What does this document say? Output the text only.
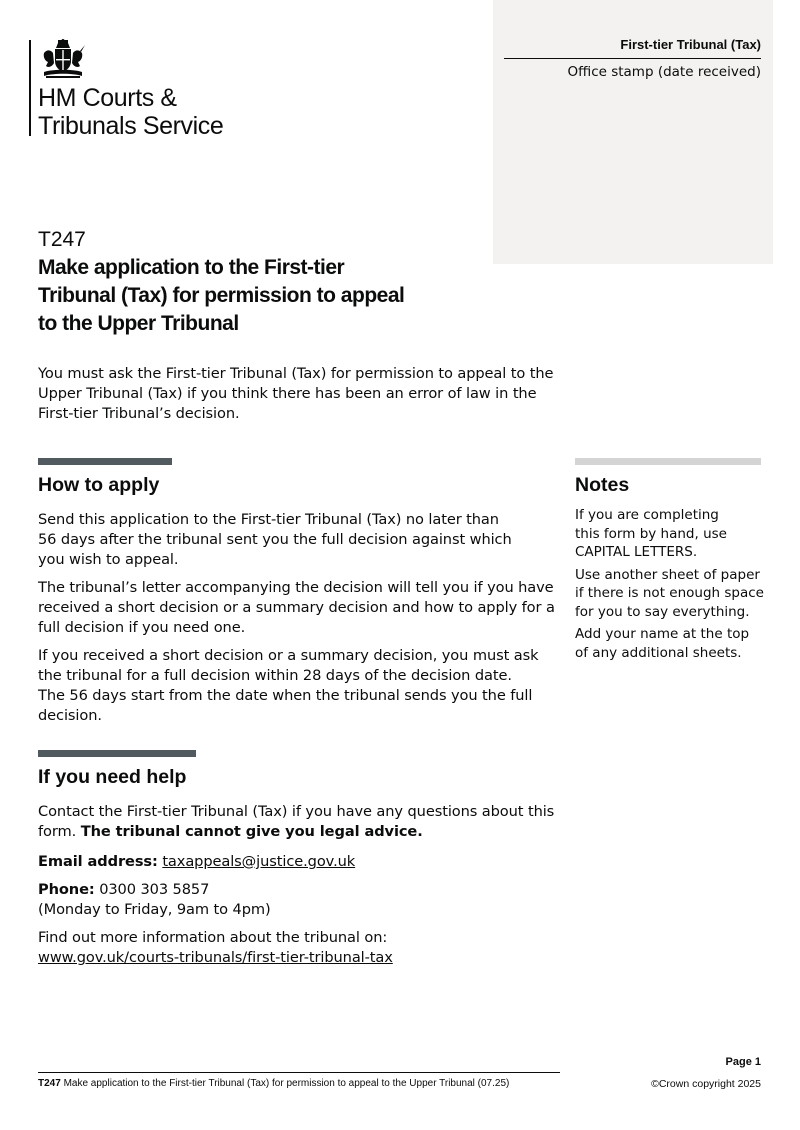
HM Courts &
Tribunals Service
First-tier Tribunal (Tax)
Office stamp (date received)
T247
Make application to the First-tier
Tribunal (Tax) for permission to appeal
to the Upper Tribunal
You must ask the First-tier Tribunal (Tax) for permission to appeal to the Upper Tribunal (Tax) if you think there has been an error of law in the First-tier Tribunal’s decision.
How to apply

Send this application to the First-tier Tribunal (Tax) no later than
56 days after the tribunal sent you the full decision against which
you wish to appeal.

The tribunal’s letter accompanying the decision will tell you if you have received a short decision or a summary decision and how to apply for a full decision if you need one.

If you received a short decision or a summary decision, you must ask the tribunal for a full decision within 28 days of the decision date.
The 56 days start from the date when the tribunal sends you the full decision.

Notes

If you are completing
this form by hand, use
CAPITAL LETTERS.

Use another sheet of paper if there is not enough space for you to say everything.

Add your name at the top of any additional sheets.

If you need help

Contact the First-tier Tribunal (Tax) if you have any questions about this form. The tribunal cannot give you legal advice.

Email address: taxappeals@justice.gov.uk

Phone: 0300 303 5857
(Monday to Friday, 9am to 4pm)

Find out more information about the tribunal on:
www.gov.uk/courts-tribunals/first-tier-tribunal-tax

Page 1
T247 Make application to the First-tier Tribunal (Tax) for permission to appeal to the Upper Tribunal (07.25)	©Crown copyright 2025
